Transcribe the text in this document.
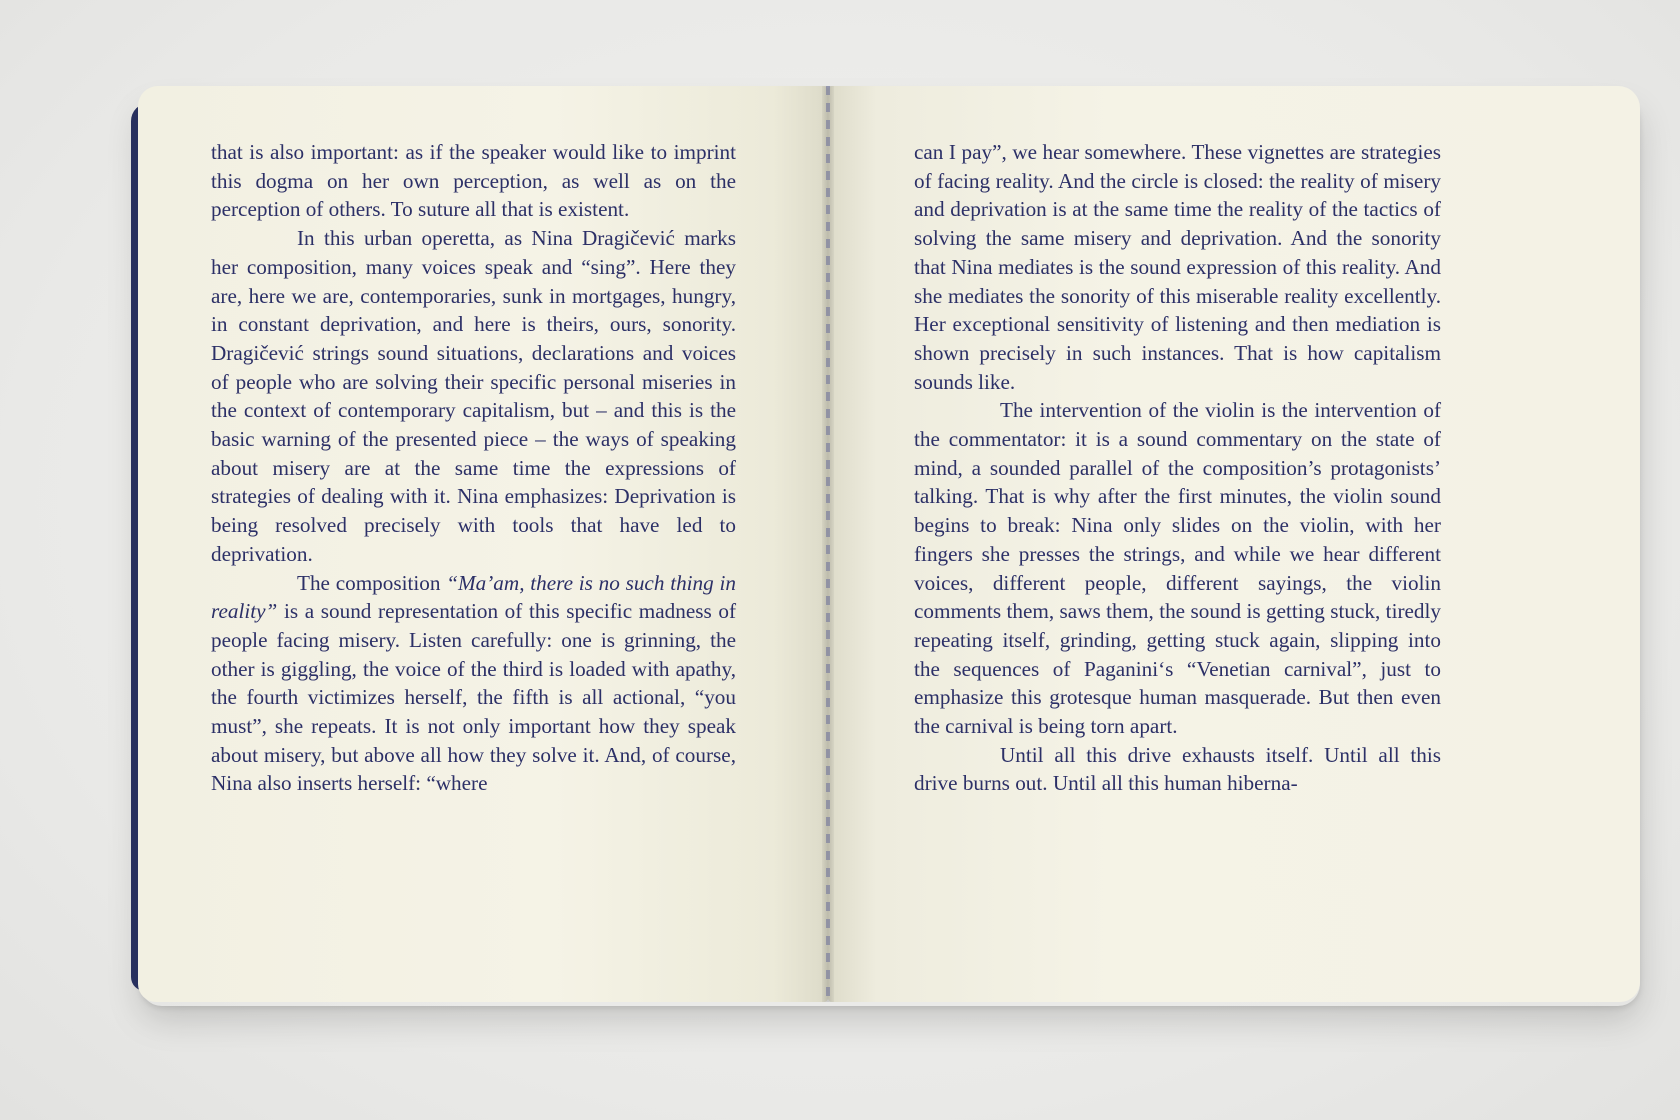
that is also important: as if the speaker would like to imprint this dogma on her own perception, as well as on the perception of others. To suture all that is existent.

In this urban operetta, as Nina Dragičević marks her composition, many voices speak and “sing”. Here they are, here we are, contemporaries, sunk in mortgages, hungry, in constant deprivation, and here is theirs, ours, sonority. Dragičević strings sound situations, declarations and voices of people who are solving their specific personal miseries in the context of contemporary capitalism, but – and this is the basic warning of the presented piece – the ways of speaking about misery are at the same time the expressions of strategies of dealing with it. Nina emphasizes: Deprivation is being resolved precisely with tools that have led to deprivation.

The composition “Ma’am, there is no such thing in reality” is a sound representation of this specific madness of people facing misery. Listen carefully: one is grinning, the other is giggling, the voice of the third is loaded with apathy, the fourth victimizes herself, the fifth is all actional, “you must”, she repeats. It is not only important how they speak about misery, but above all how they solve it. And, of course, Nina also inserts herself: “where

can I pay”, we hear somewhere. These vignettes are strategies of facing reality. And the circle is closed: the reality of misery and deprivation is at the same time the reality of the tactics of solving the same misery and deprivation. And the sonority that Nina mediates is the sound expression of this reality. And she mediates the sonority of this miserable reality excellently. Her exceptional sensitivity of listening and then mediation is shown precisely in such instances. That is how capitalism sounds like.

The intervention of the violin is the intervention of the commentator: it is a sound commentary on the state of mind, a sounded parallel of the composition’s protagonists’ talking. That is why after the first minutes, the violin sound begins to break: Nina only slides on the violin, with her fingers she presses the strings, and while we hear different voices, different people, different sayings, the violin comments them, saws them, the sound is getting stuck, tiredly repeating itself, grinding, getting stuck again, slipping into the sequences of Paganini‘s “Venetian carnival”, just to emphasize this grotesque human masquerade. But then even the carnival is being torn apart.

Until all this drive exhausts itself. Until all this drive burns out. Until all this human hiberna-
